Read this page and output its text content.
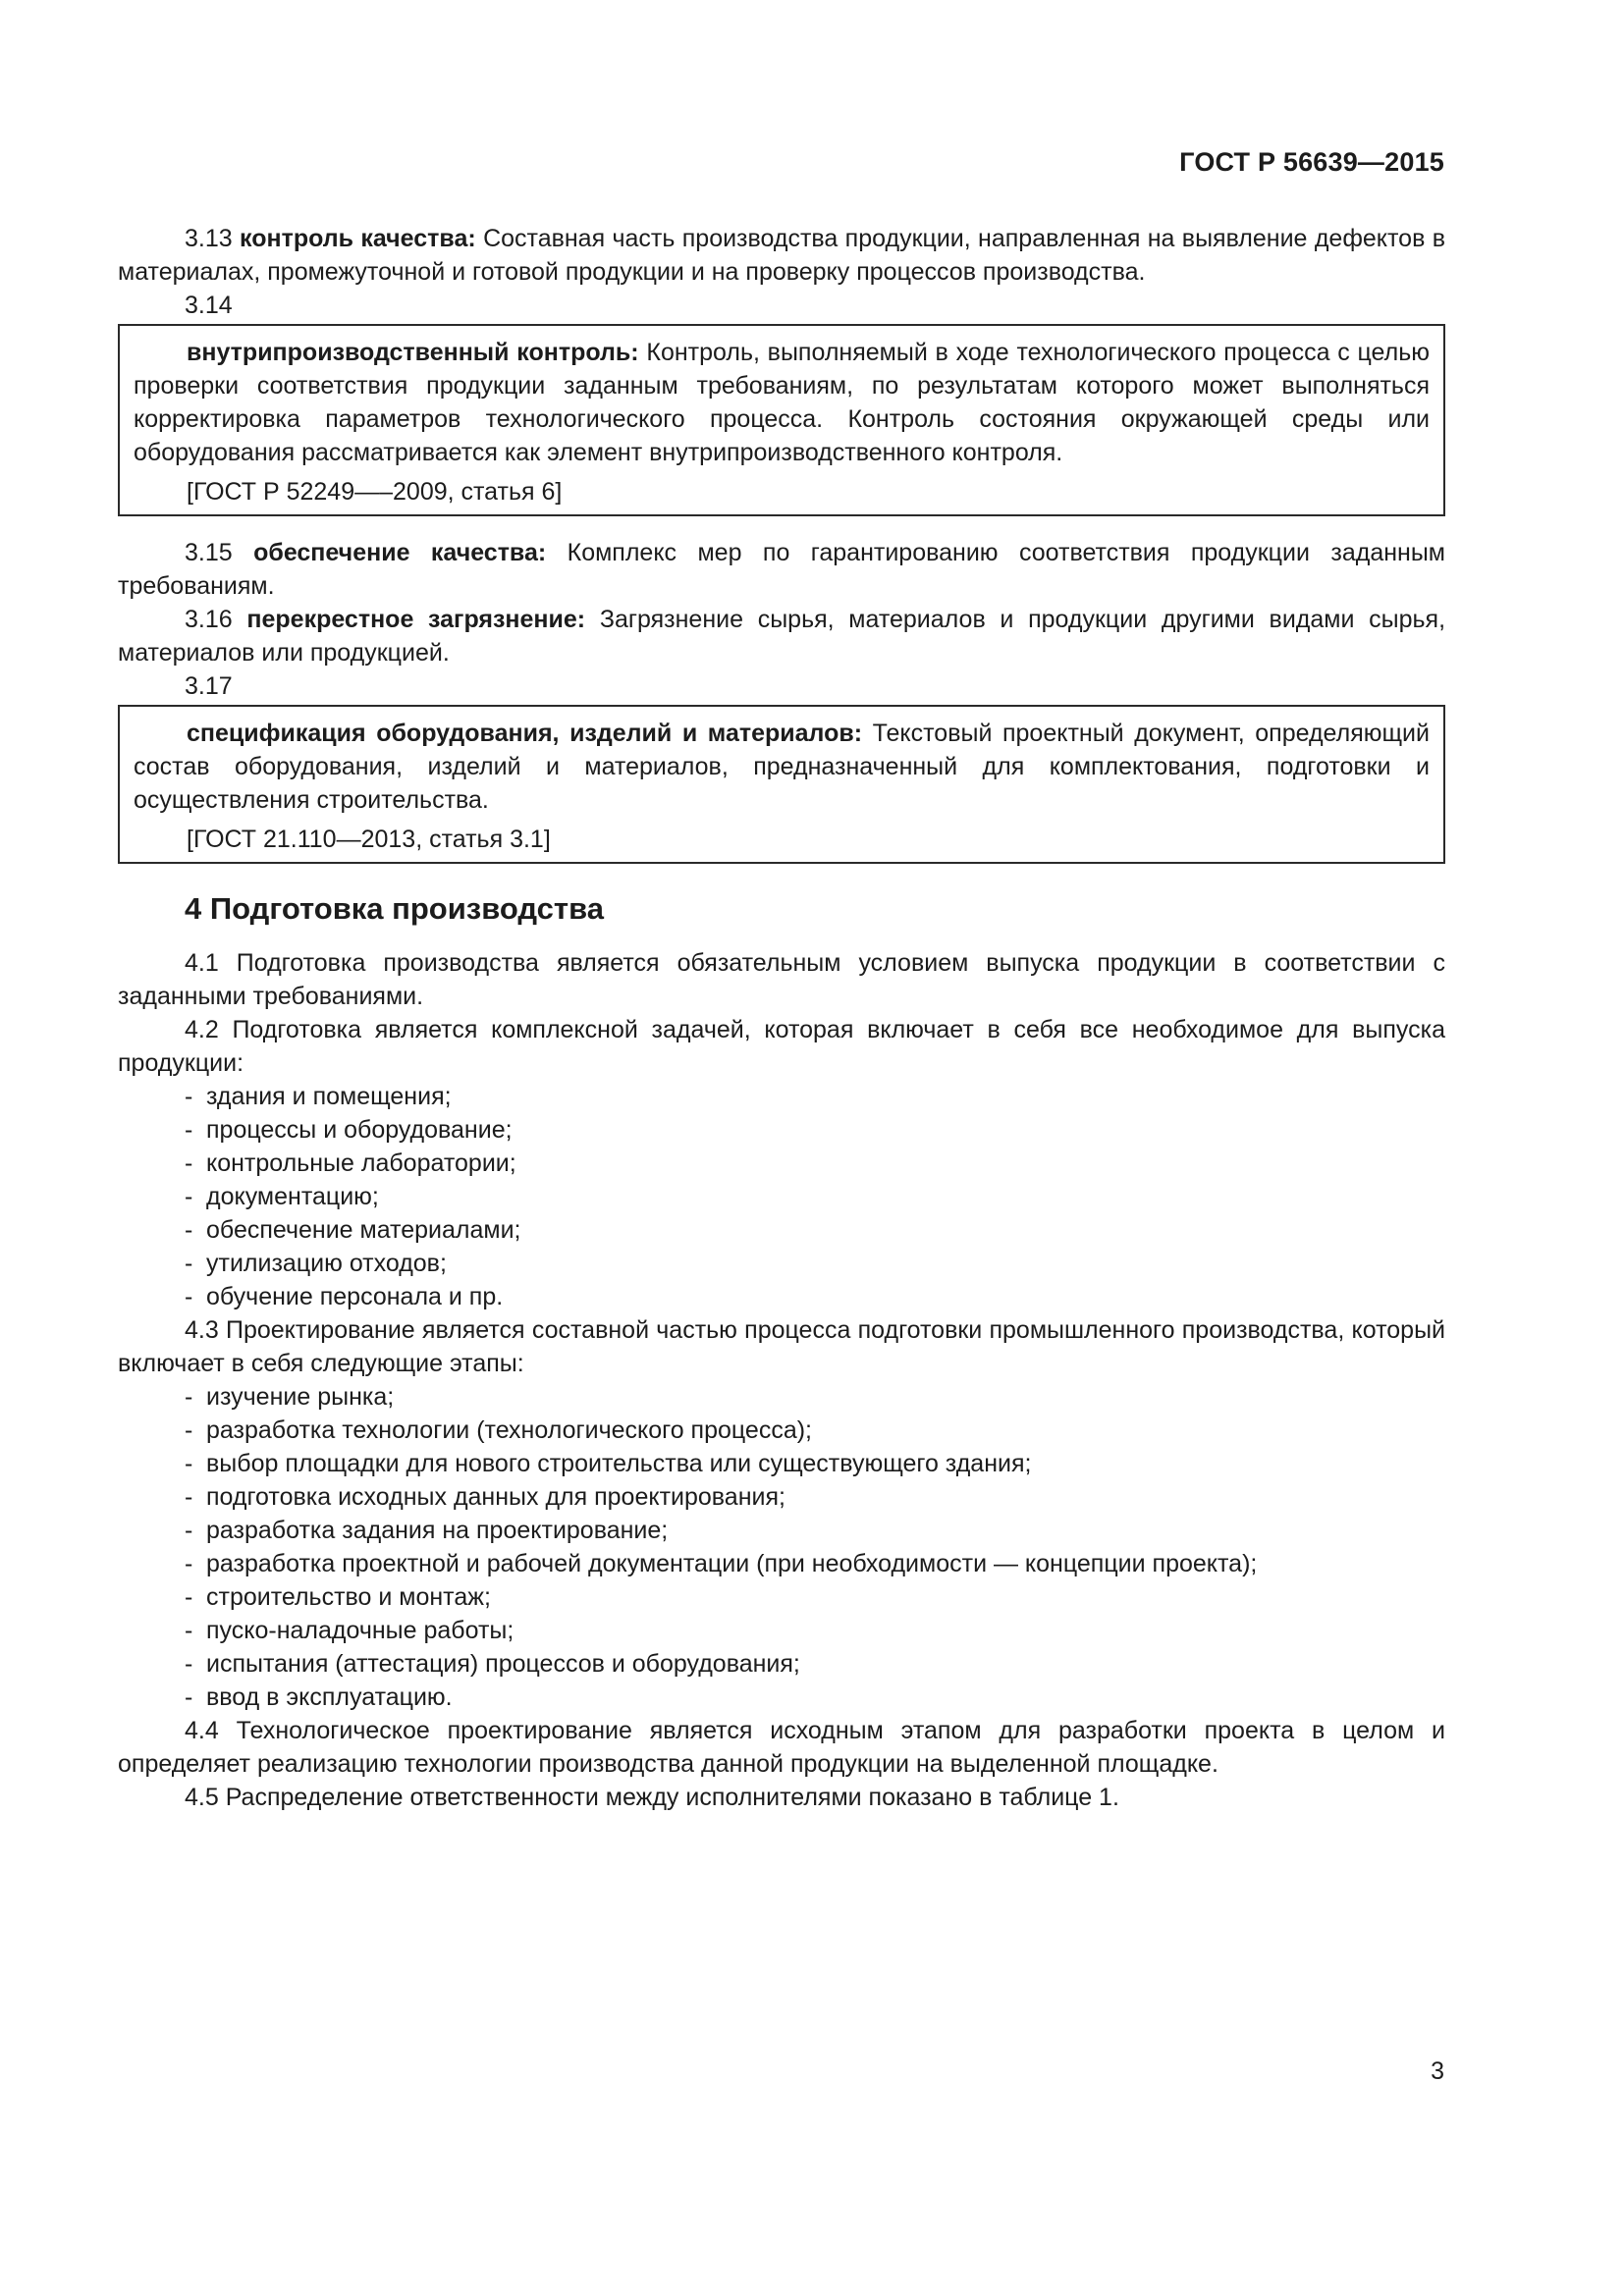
ГОСТ Р 56639—2015

3.13 контроль качества: Составная часть производства продукции, направленная на выявление дефектов в материалах, промежуточной и готовой продукции и на проверку процессов производства.

3.14

внутрипроизводственный контроль: Контроль, выполняемый в ходе технологического процесса с целью проверки соответствия продукции заданным требованиям, по результатам которого может выполняться корректировка параметров технологического процесса. Контроль состояния окружающей среды или оборудования рассматривается как элемент внутрипроизводственного контроля.

[ГОСТ Р 52249—–2009, статья 6]

3.15 обеспечение качества: Комплекс мер по гарантированию соответствия продукции заданным требованиям.

3.16 перекрестное загрязнение: Загрязнение сырья, материалов и продукции другими видами сырья, материалов или продукцией.

3.17

спецификация оборудования, изделий и материалов: Текстовый проектный документ, определяющий состав оборудования, изделий и материалов, предназначенный для комплектования, подготовки и осуществления строительства.

[ГОСТ 21.110—2013, статья 3.1]

4 Подготовка производства

4.1 Подготовка производства является обязательным условием выпуска продукции в соответствии с заданными требованиями.

4.2 Подготовка является комплексной задачей, которая включает в себя все необходимое для выпуска продукции:

- здания и помещения;
- процессы и оборудование;
- контрольные лаборатории;
- документацию;
- обеспечение материалами;
- утилизацию отходов;
- обучение персонала и пр.

4.3 Проектирование является составной частью процесса подготовки промышленного производства, который включает в себя следующие этапы:

- изучение рынка;
- разработка технологии (технологического процесса);
- выбор площадки для нового строительства или существующего здания;
- подготовка исходных данных для проектирования;
- разработка задания на проектирование;
- разработка проектной и рабочей документации (при необходимости — концепции проекта);
- строительство и монтаж;
- пуско-наладочные работы;
- испытания (аттестация) процессов и оборудования;
- ввод в эксплуатацию.

4.4 Технологическое проектирование является исходным этапом для разработки проекта в целом и определяет реализацию технологии производства данной продукции на выделенной площадке.

4.5 Распределение ответственности между исполнителями показано в таблице 1.

3
